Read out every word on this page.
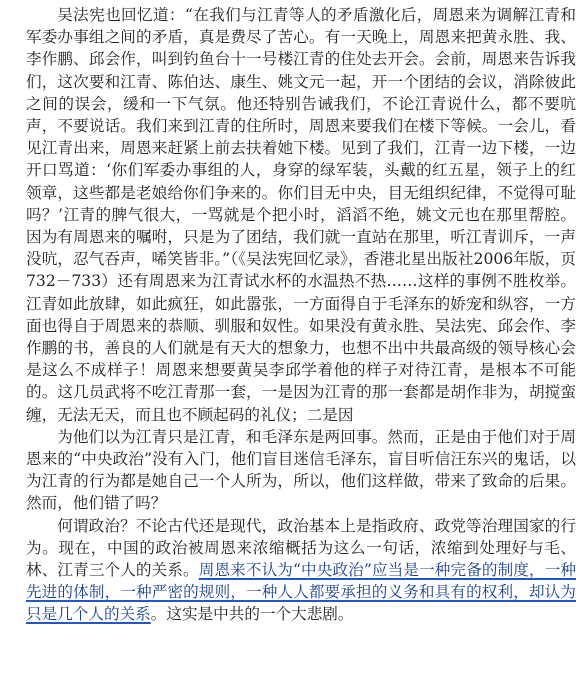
吴法宪也回忆道：“在我们与江青等人的矛盾激化后，周恩来为调解江青和军委办事组之间的矛盾，真是费尽了苦心。有一天晚上，周恩来把黄永胜、我、李作鹏、邱会作，叫到钓鱼台十一号楼江青的住处去开会。会前，周恩来告诉我们，这次要和江青、陈伯达、康生、姚文元一起，开一个团结的会议，消除彼此之间的误会，缓和一下气氛。他还特别告诫我们，不论江青说什么，都不要吭声，不要说话。我们来到江青的住所时，周恩来要我们在楼下等候。一会儿，看见江青出来，周恩来赶紧上前去扶着她下楼。见到了我们，江青一边下楼，一边开口骂道：‘你们军委办事组的人，身穿的绿军装，头戴的红五星，领子上的红领章，这些都是老娘给你们争来的。你们目无中央，目无组织纪律，不觉得可耻吗？’江青的脾气很大，一骂就是个把小时，滔滔不绝，姚文元也在那里帮腔。因为有周恩来的嘱咐，只是为了团结，我们就一直站在那里，听江青训斥，一声没吭，忍气吞声，唏笑皆非。”（《吴法宪回忆录》，香港北星出版社2006年版，页732－733）还有周恩来为江青试水杯的水温热不热……这样的事例不胜枚举。江青如此放肆，如此疯狂，如此嚣张，一方面得自于毛泽东的娇宠和纵容，一方面也得自于周恩来的恭顺、驯服和奴性。如果没有黄永胜、吴法宪、邱会作、李作鹏的书，善良的人们就是有天大的想象力，也想不出中共最高级的领导核心会是这么不成样子！周恩来想要黄吴李邱学着他的样子对待江青，是根本不可能的。这几员武将不吃江青那一套，一是因为江青的那一套都是胡作非为，胡搅蛮缠，无法无天，而且也不顾起码的礼仪；二是因

为他们以为江青只是江青，和毛泽东是两回事。然而，正是由于他们对于周恩来的“中央政治”没有入门，他们盲目迷信毛泽东，盲目听信汪东兴的鬼话，以为江青的行为都是她自己一个人所为，所以，他们这样做，带来了致命的后果。然而，他们错了吗？

何谓政治？不论古代还是现代，政治基本上是指政府、政党等治理国家的行为。现在，中国的政治被周恩来浓缩概括为这么一句话，浓缩到处理好与毛、林、江青三个人的关系。周恩来不认为“中央政治”应当是一种完备的制度，一种先进的体制，一种严密的规则，一种人人都要承担的义务和具有的权利，却认为只是几个人的关系。这实是中共的一个大悲剧。
